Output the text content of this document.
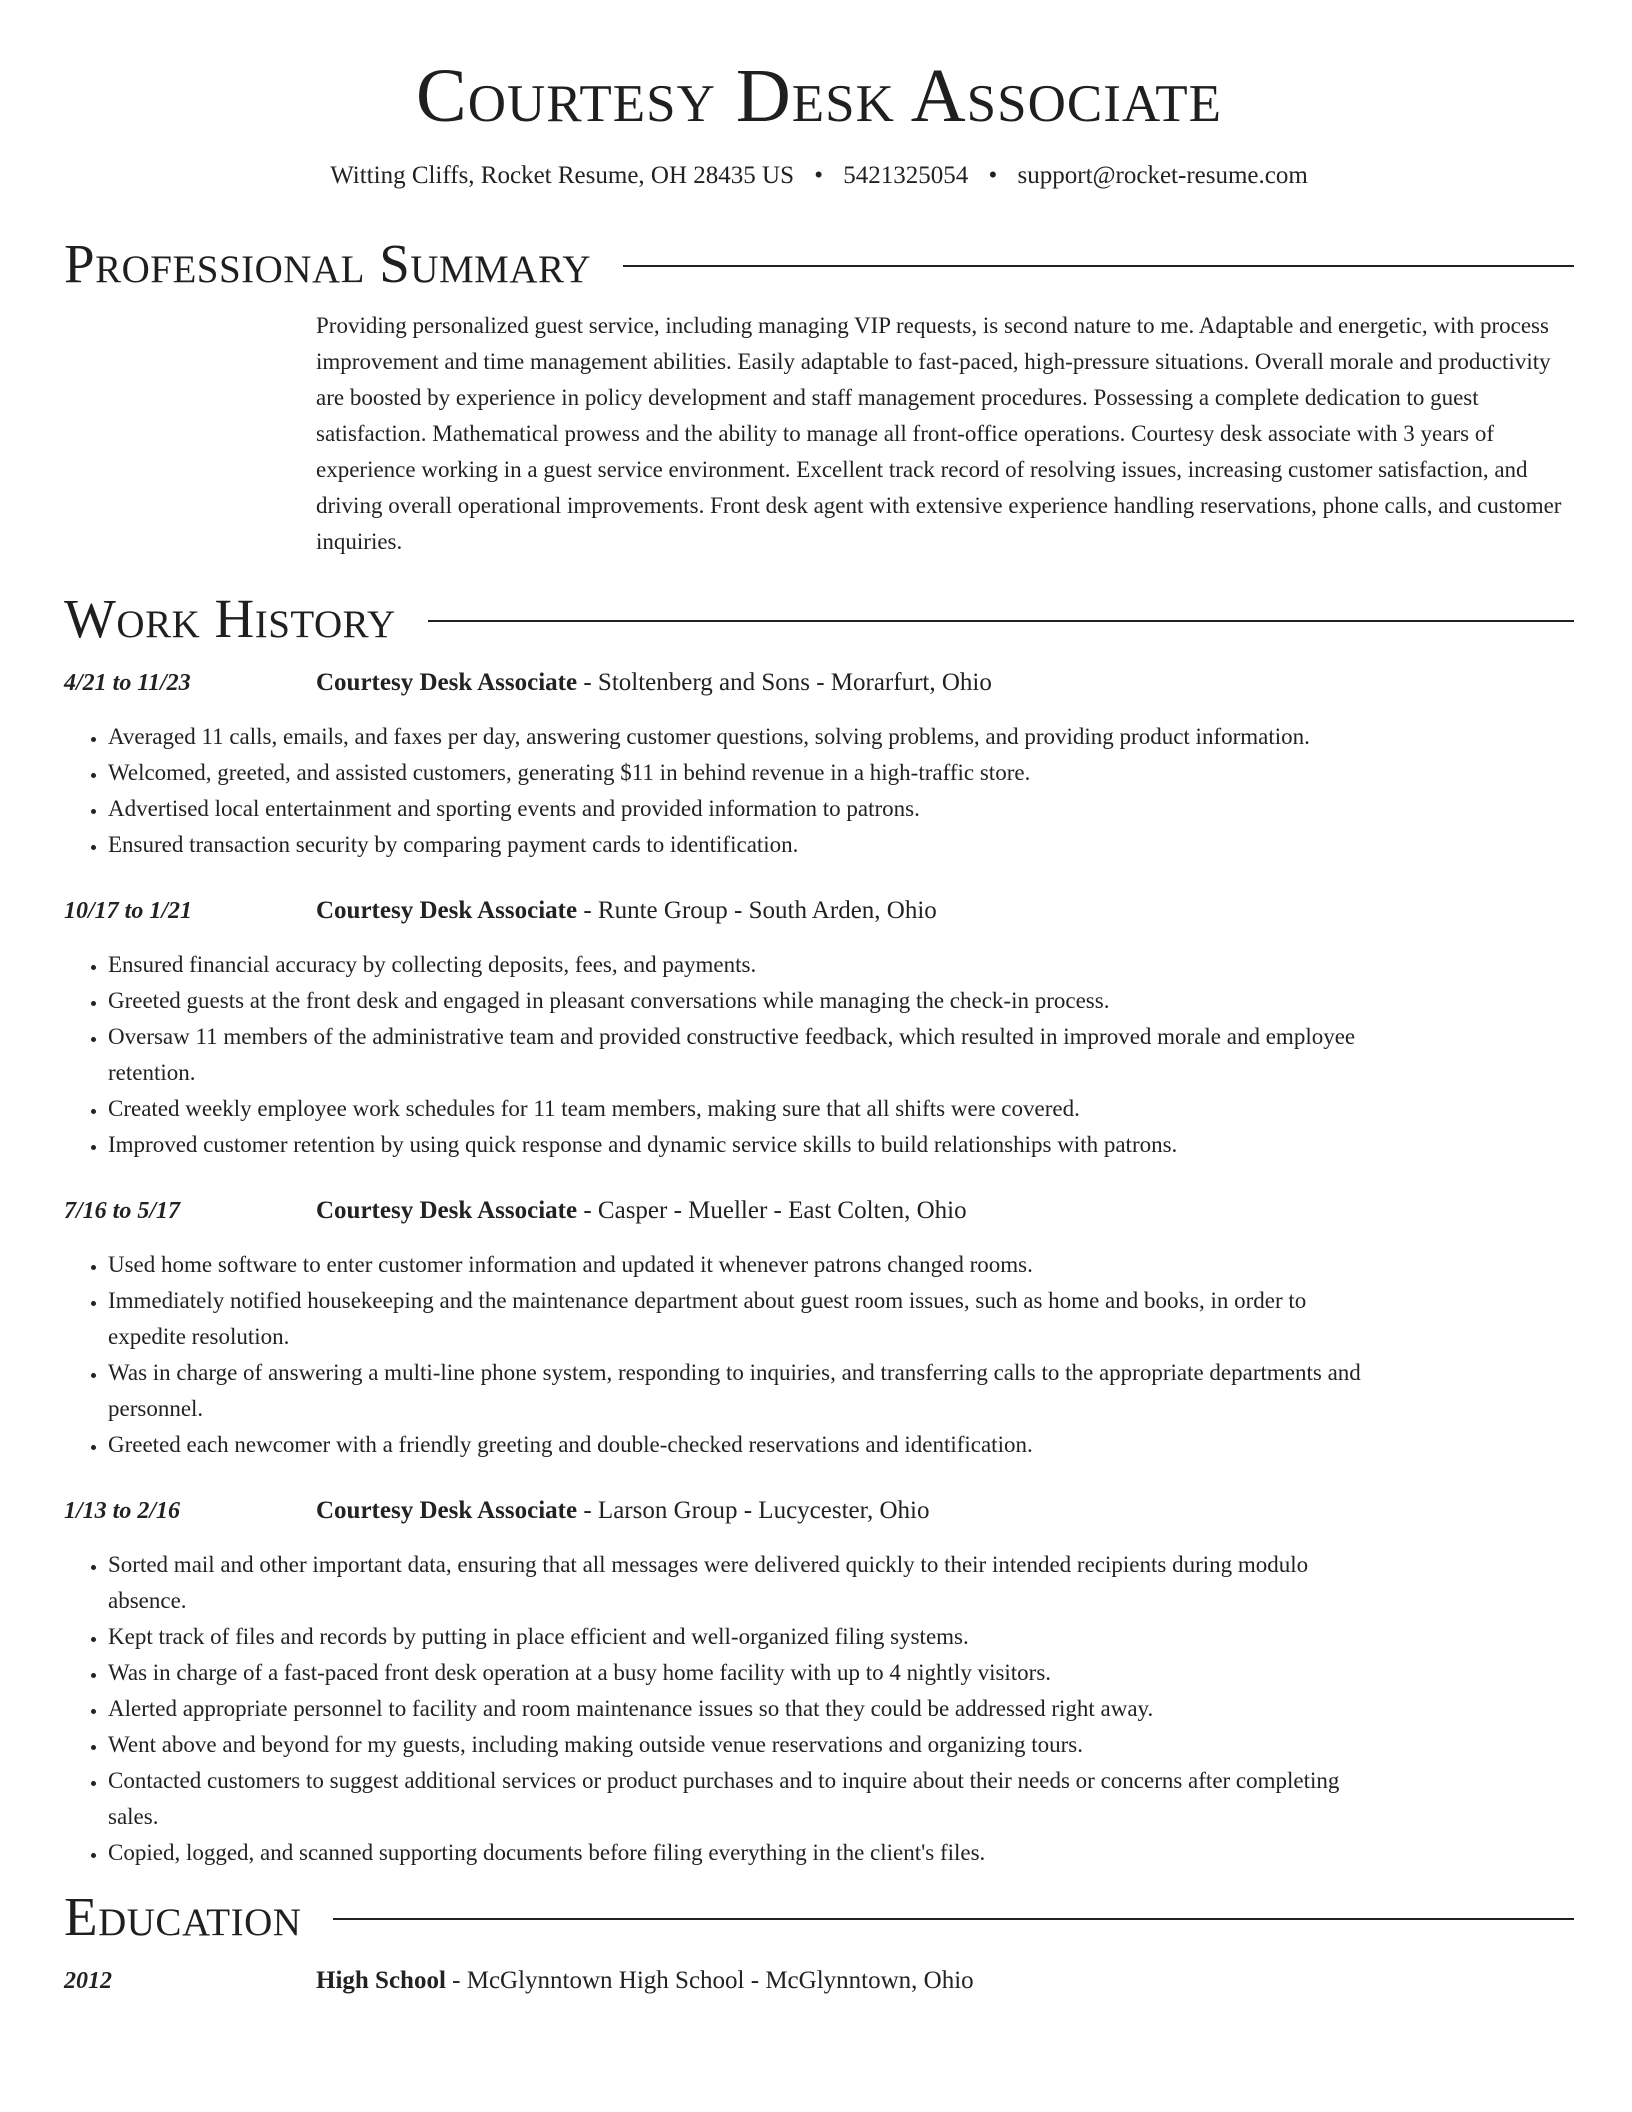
Courtesy Desk Associate
Witting Cliffs, Rocket Resume, OH 28435 US • 5421325054 • support@rocket-resume.com
Professional Summary
Providing personalized guest service, including managing VIP requests, is second nature to me. Adaptable and energetic, with process improvement and time management abilities. Easily adaptable to fast-paced, high-pressure situations. Overall morale and productivity are boosted by experience in policy development and staff management procedures. Possessing a complete dedication to guest satisfaction. Mathematical prowess and the ability to manage all front-office operations. Courtesy desk associate with 3 years of experience working in a guest service environment. Excellent track record of resolving issues, increasing customer satisfaction, and driving overall operational improvements. Front desk agent with extensive experience handling reservations, phone calls, and customer inquiries.
Work History
4/21 to 11/23	Courtesy Desk Associate - Stoltenberg and Sons - Morarfurt, Ohio
• Averaged 11 calls, emails, and faxes per day, answering customer questions, solving problems, and providing product information.
• Welcomed, greeted, and assisted customers, generating $11 in behind revenue in a high-traffic store.
• Advertised local entertainment and sporting events and provided information to patrons.
• Ensured transaction security by comparing payment cards to identification.
10/17 to 1/21	Courtesy Desk Associate - Runte Group - South Arden, Ohio
• Ensured financial accuracy by collecting deposits, fees, and payments.
• Greeted guests at the front desk and engaged in pleasant conversations while managing the check-in process.
• Oversaw 11 members of the administrative team and provided constructive feedback, which resulted in improved morale and employee retention.
• Created weekly employee work schedules for 11 team members, making sure that all shifts were covered.
• Improved customer retention by using quick response and dynamic service skills to build relationships with patrons.
7/16 to 5/17	Courtesy Desk Associate - Casper - Mueller - East Colten, Ohio
• Used home software to enter customer information and updated it whenever patrons changed rooms.
• Immediately notified housekeeping and the maintenance department about guest room issues, such as home and books, in order to expedite resolution.
• Was in charge of answering a multi-line phone system, responding to inquiries, and transferring calls to the appropriate departments and personnel.
• Greeted each newcomer with a friendly greeting and double-checked reservations and identification.
1/13 to 2/16	Courtesy Desk Associate - Larson Group - Lucycester, Ohio
• Sorted mail and other important data, ensuring that all messages were delivered quickly to their intended recipients during modulo absence.
• Kept track of files and records by putting in place efficient and well-organized filing systems.
• Was in charge of a fast-paced front desk operation at a busy home facility with up to 4 nightly visitors.
• Alerted appropriate personnel to facility and room maintenance issues so that they could be addressed right away.
• Went above and beyond for my guests, including making outside venue reservations and organizing tours.
• Contacted customers to suggest additional services or product purchases and to inquire about their needs or concerns after completing sales.
• Copied, logged, and scanned supporting documents before filing everything in the client's files.
Education
2012	High School - McGlynntown High School - McGlynntown, Ohio
